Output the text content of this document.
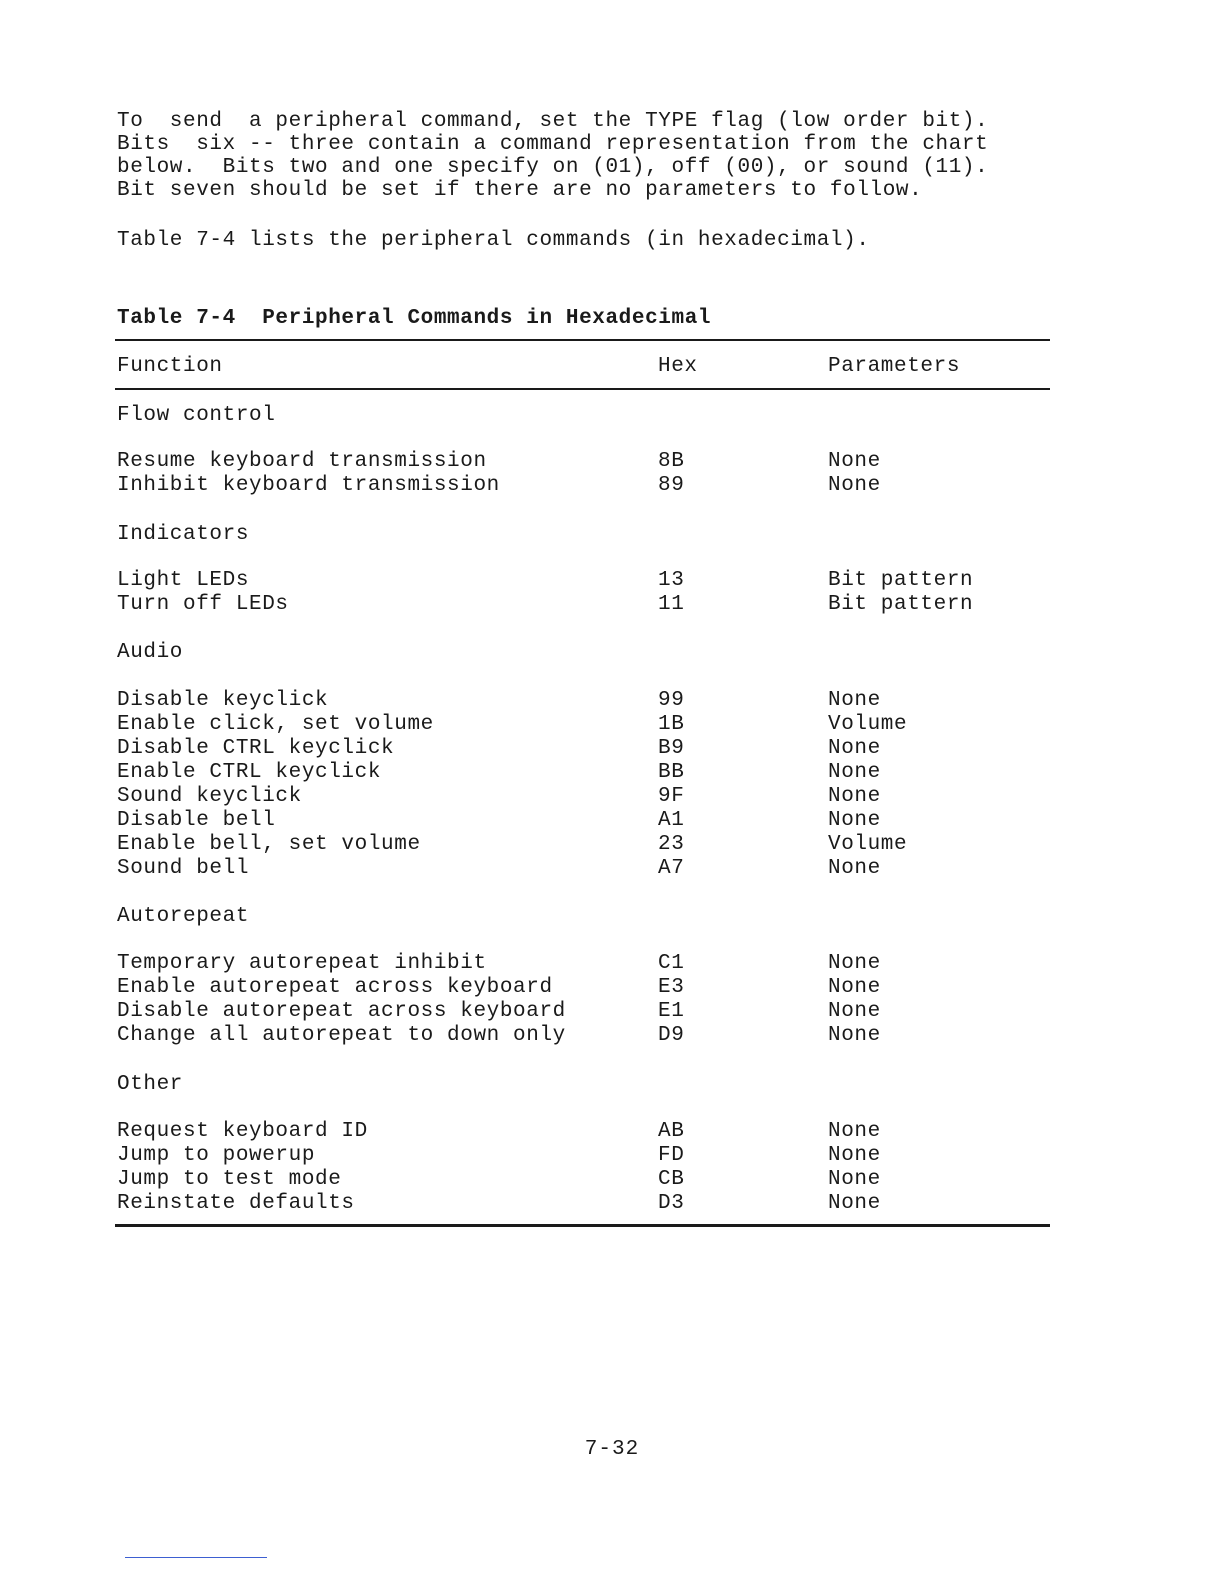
To  send  a peripheral command, set the TYPE flag (low order bit).

Bits  six -- three contain a command representation from the chart

below.  Bits two and one specify on (01), off (00), or sound (11).

Bit seven should be set if there are no parameters to follow.

Table 7-4 lists the peripheral commands (in hexadecimal).
Table 7-4  Peripheral Commands in Hexadecimal
Function	Hex	Parameters
Flow control
Resume keyboard transmission	8B	None
Inhibit keyboard transmission	89	None
Indicators
Light LEDs	13	Bit pattern
Turn off LEDs	11	Bit pattern
Audio
Disable keyclick	99	None
Enable click, set volume	1B	Volume
Disable CTRL keyclick	B9	None
Enable CTRL keyclick	BB	None
Sound keyclick	9F	None
Disable bell	A1	None
Enable bell, set volume	23	Volume
Sound bell	A7	None
Autorepeat
Temporary autorepeat inhibit	C1	None
Enable autorepeat across keyboard	E3	None
Disable autorepeat across keyboard	E1	None
Change all autorepeat to down only	D9	None
Other
Request keyboard ID	AB	None
Jump to powerup	FD	None
Jump to test mode	CB	None
Reinstate defaults	D3	None
7-32
